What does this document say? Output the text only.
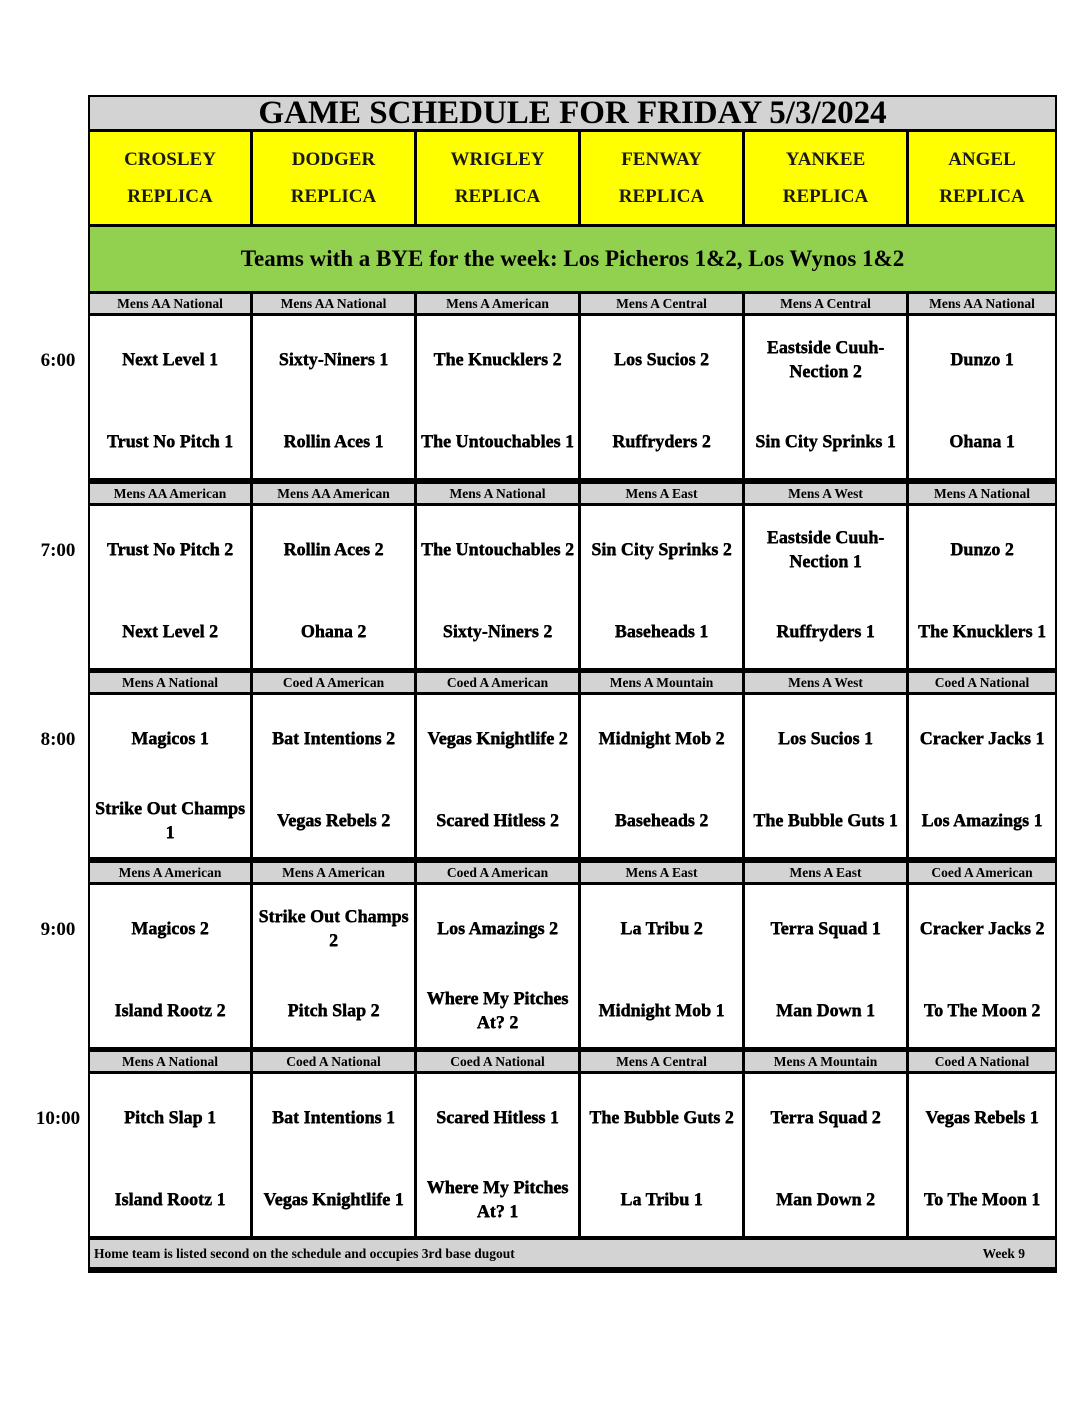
GAME SCHEDULE FOR FRIDAY 5/3/2024
CROSLEY
REPLICA
DODGER
REPLICA
WRIGLEY
REPLICA
FENWAY
REPLICA
YANKEE
REPLICA
ANGEL
REPLICA
Teams with a BYE for the week: Los Picheros 1&2, Los Wynos 1&2
Mens AA National
Next Level 1
Trust No Pitch 1
Mens AA National
Sixty-Niners 1
Rollin Aces 1
Mens A American
The Knucklers 2
The Untouchables 1
Mens A Central
Los Sucios 2
Ruffryders 2
Mens A Central
Eastside Cuuh-Nection 2
Sin City Sprinks 1
Mens AA National
Dunzo 1
Ohana 1
Mens AA American
Trust No Pitch 2
Next Level 2
Mens AA American
Rollin Aces 2
Ohana 2
Mens A National
The Untouchables 2
Sixty-Niners 2
Mens A East
Sin City Sprinks 2
Baseheads 1
Mens A West
Eastside Cuuh-Nection 1
Ruffryders 1
Mens A National
Dunzo 2
The Knucklers 1
Mens A National
Magicos 1
Strike Out Champs 1
Coed A American
Bat Intentions 2
Vegas Rebels 2
Coed A American
Vegas Knightlife 2
Scared Hitless 2
Mens A Mountain
Midnight Mob 2
Baseheads 2
Mens A West
Los Sucios 1
The Bubble Guts 1
Coed A National
Cracker Jacks 1
Los Amazings 1
Mens A American
Magicos 2
Island Rootz 2
Mens A American
Strike Out Champs 2
Pitch Slap 2
Coed A American
Los Amazings 2
Where My Pitches At? 2
Mens A East
La Tribu 2
Midnight Mob 1
Mens A East
Terra Squad 1
Man Down 1
Coed A American
Cracker Jacks 2
To The Moon 2
Mens A National
Pitch Slap 1
Island Rootz 1
Coed A National
Bat Intentions 1
Vegas Knightlife 1
Coed A National
Scared Hitless 1
Where My Pitches At? 1
Mens A Central
The Bubble Guts 2
La Tribu 1
Mens A Mountain
Terra Squad 2
Man Down 2
Coed A National
Vegas Rebels 1
To The Moon 1
Home team is listed second on the schedule and occupies 3rd base dugout	Week 9
6:00
7:00
8:00
9:00
10:00
